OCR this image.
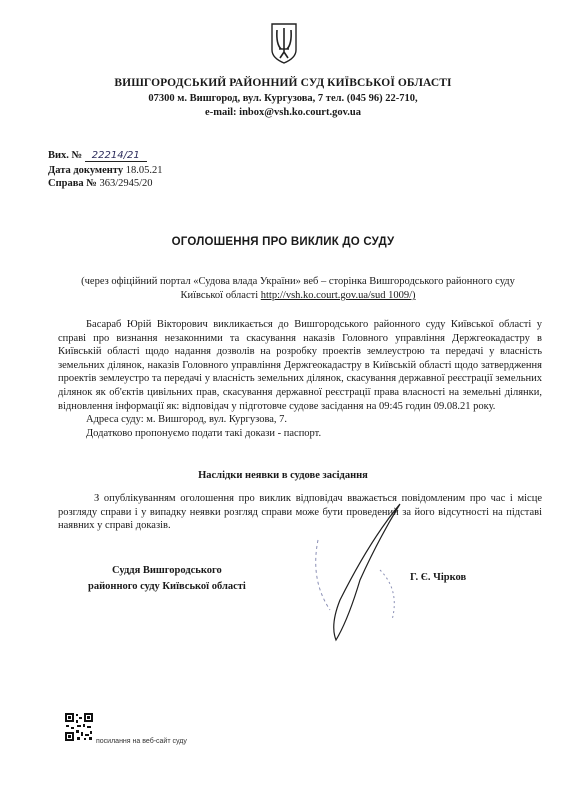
ВИШГОРОДСЬКИЙ РАЙОННИЙ СУД КИЇВСЬКОЇ ОБЛАСТІ
07300 м. Вишгород, вул. Кургузова, 7 тел. (045 96) 22-710,
e-mail: inbox@vsh.ko.court.gov.ua
Вих. № 22214/21
Дата документу 18.05.21
Справа № 363/2945/20
ОГОЛОШЕННЯ ПРО ВИКЛИК ДО СУДУ
(через офіційний портал «Судова влада України» веб – сторінка Вишгородського районного суду
Київської області http://vsh.ko.court.gov.ua/sud 1009/)

Басараб Юрій Вікторович викликається до Вишгородського районного суду Київської області у справі про визнання незаконними та скасування наказів Головного управління Держгеокадастру в Київській області щодо надання дозволів на розробку проектів землеустрою та передачі у власність земельних ділянок, наказів Головного управління Держгеокадастру в Київській області щодо затвердження проектів землеустро та передачі у власність земельних ділянок, скасування державної реєстрації земельних ділянок як об'єктів цивільних прав, скасування державної реєстрації права власності на земельні ділянки, відновлення інформації як: відповідач у підготовче судове засідання на 09:45 годин 09.08.21 року.

Адреса суду: м. Вишгород, вул. Кургузова, 7.

Додатково пропонуємо подати такі докази - паспорт.

Наслідки неявки в судове засідання

З опублікуванням оголошення про виклик відповідач вважається повідомленим про час і місце розгляду справи і у випадку неявки розгляд справи може бути проведений за його відсутності на підставі наявних у справі доказів.

Суддя Вишгородського
районного суду Київської області
Г. Є. Чірков
посилання на веб-сайт суду
